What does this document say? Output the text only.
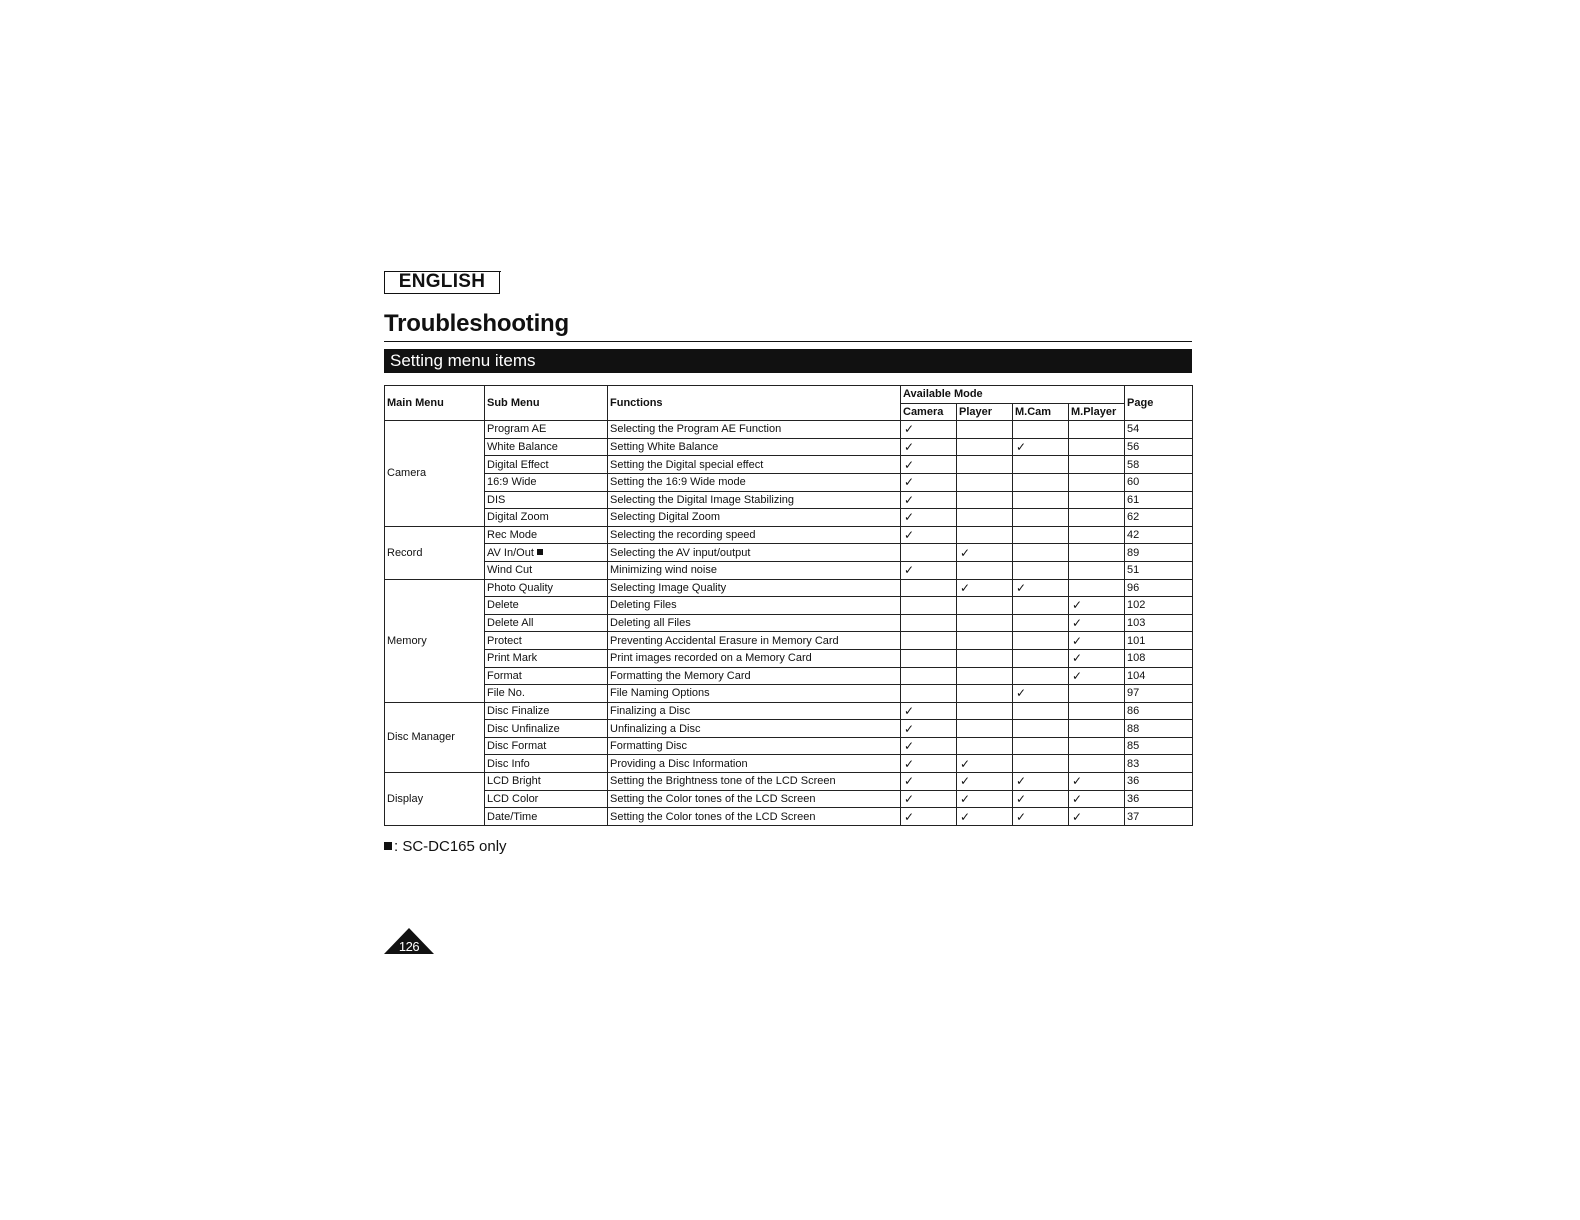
ENGLISH
Troubleshooting
Setting menu items
Main Menu	Sub Menu	Functions	Available Mode				Page
			Camera	Player	M.Cam	M.Player	
Camera	Program AE	Selecting the Program AE Function	✓				54
	White Balance	Setting White Balance	✓		✓		56
	Digital Effect	Setting the Digital special effect	✓				58
	16:9 Wide	Setting the 16:9 Wide mode	✓				60
	DIS	Selecting the Digital Image Stabilizing	✓				61
	Digital Zoom	Selecting Digital Zoom	✓				62
Record	Rec Mode	Selecting the recording speed	✓				42
	AV In/Out	Selecting the AV input/output		✓			89
	Wind Cut	Minimizing wind noise	✓				51
Memory	Photo Quality	Selecting Image Quality		✓	✓		96
	Delete	Deleting Files				✓	102
	Delete All	Deleting all Files				✓	103
	Protect	Preventing Accidental Erasure in Memory Card				✓	101
	Print Mark	Print images recorded on a Memory Card				✓	108
	Format	Formatting the Memory Card				✓	104
	File No.	File Naming Options			✓		97
Disc Manager	Disc Finalize	Finalizing a Disc	✓				86
	Disc Unfinalize	Unfinalizing a Disc	✓				88
	Disc Format	Formatting Disc	✓				85
	Disc Info	Providing a Disc Information	✓	✓			83
Display	LCD Bright	Setting the Brightness tone of the LCD Screen	✓	✓	✓	✓	36
	LCD Color	Setting the Color tones of the LCD Screen	✓	✓	✓	✓	36
	Date/Time	Setting the Color tones of the LCD Screen	✓	✓	✓	✓	37
: SC-DC165 only
126
